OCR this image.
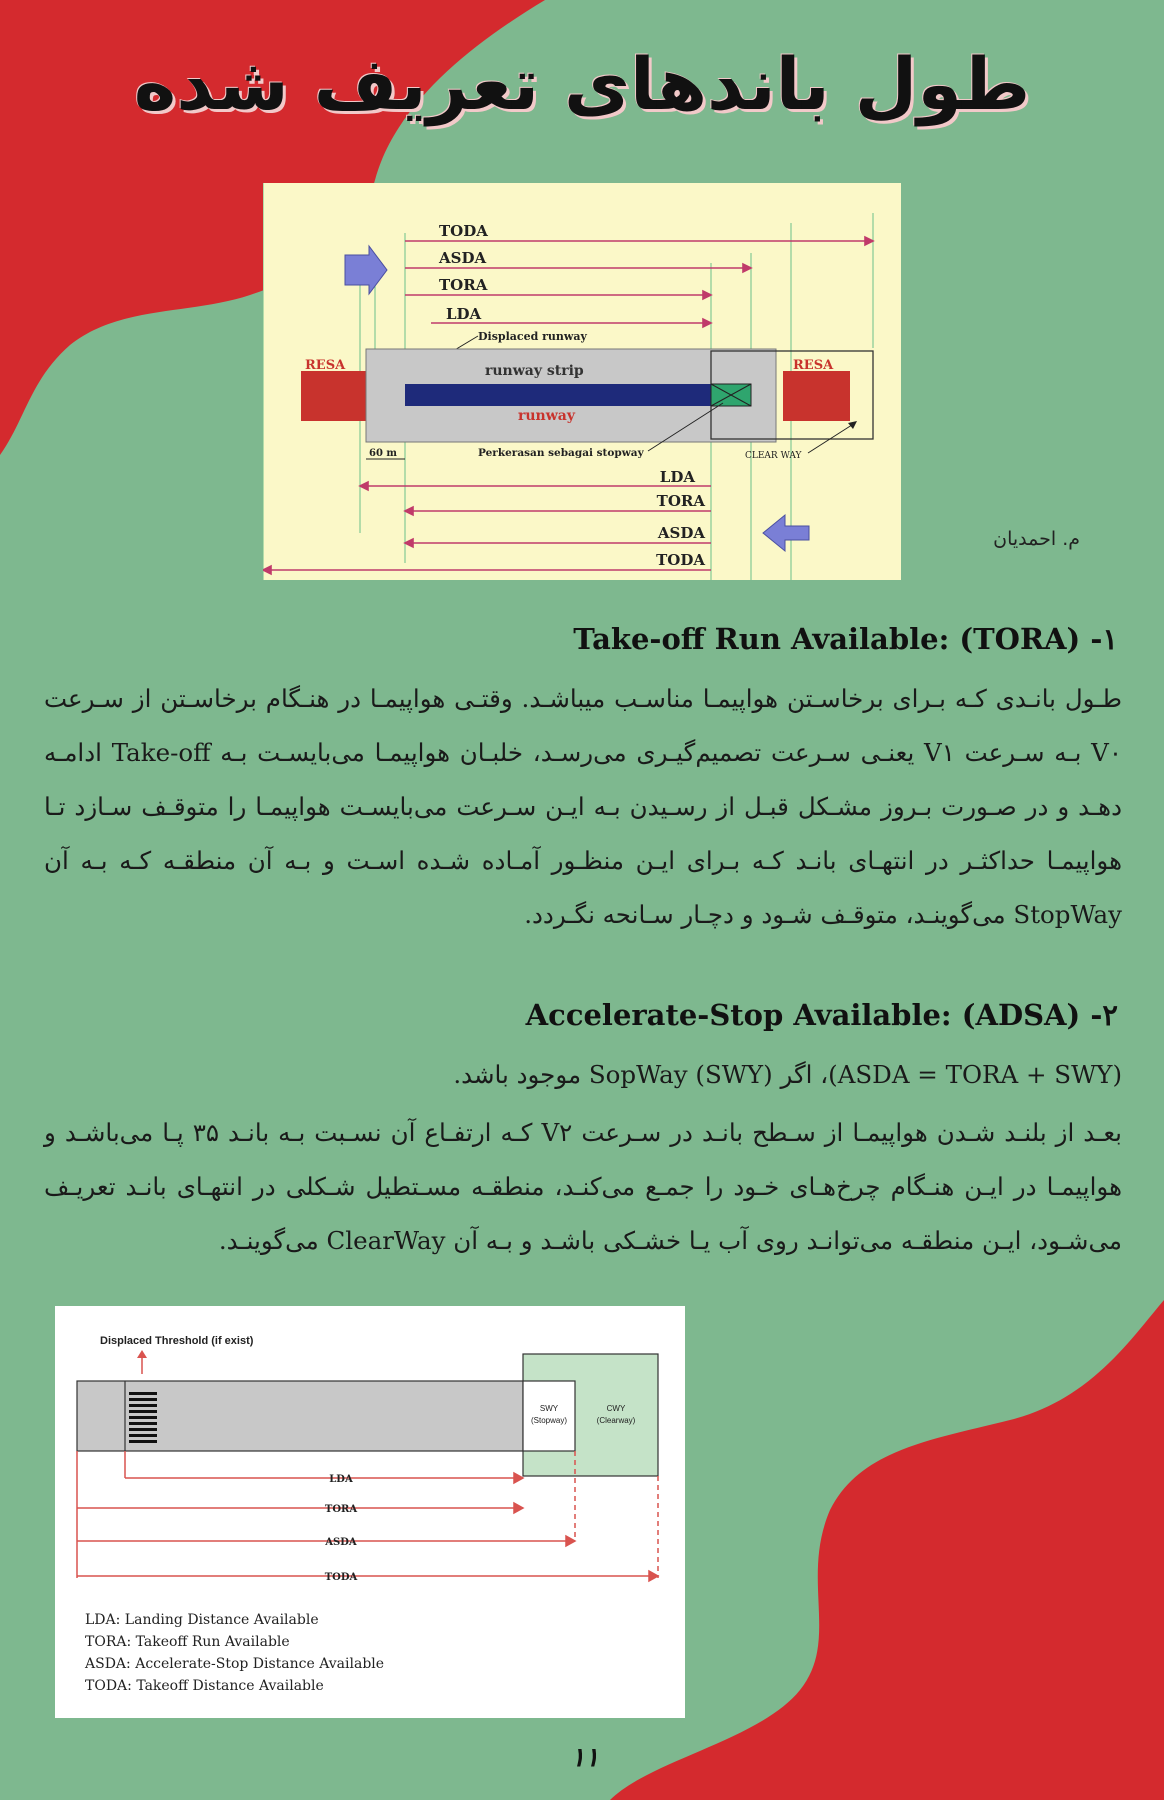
طول باندهای تعریف شده
TODA
ASDA
TORA
LDA
Displaced runway
RESA	RESA
runway strip
runway
60 m	Perkerasan sebagai stopway	CLEAR WAY
LDA
TORA
ASDA
TODA
م. احمدیان
۱- Take-off Run Available: (TORA)
طـول بانـدی کـه بـرای برخاسـتن هواپیمـا مناسـب میباشـد. وقتـی هواپیمـا در هنـگام برخاسـتن از سـرعت V۰ بـه سـرعت V۱ یعنـی سـرعت تصمیم‌گیـری می‌رسـد، خلبـان هواپیمـا می‌بایسـت بـه Take-off ادامـه دهـد و در صـورت بـروز مشـکل قبـل از رسـیدن بـه ایـن سـرعت می‌بایسـت هواپیمـا را متوقـف سـازد تـا هواپیمـا حداکثـر در انتهـای بانـد کـه بـرای ایـن منظـور آمـاده شـده اسـت و بـه آن منطقـه کـه بـه آن StopWay می‌گوینـد، متوقـف شـود و دچـار سـانحه نگـردد.
۲- Accelerate-Stop Available: (ADSA)
(ASDA = TORA + SWY)، اگر (SWY) SopWay موجود باشد.
بعـد از بلنـد شـدن هواپیمـا از سـطح بانـد در سـرعت V۲ کـه ارتفـاع آن نسـبت بـه بانـد ۳۵ پـا می‌باشـد و هواپیمـا در ایـن هنـگام چرخ‌هـای خـود را جمـع می‌کنـد، منطقـه مسـتطیل شـکلی در انتهـای بانـد تعریـف می‌شـود، ایـن منطقـه می‌توانـد روی آب یـا خشـکی باشـد و بـه آن ClearWay می‌گوینـد.
Displaced Threshold (if exist)
SWY
(Stopway)
CWY
(Clearway)
LDA
TORA
ASDA
TODA
LDA: Landing Distance Available
TORA: Takeoff Run Available
ASDA: Accelerate-Stop Distance Available
TODA: Takeoff Distance Available
۱۱
